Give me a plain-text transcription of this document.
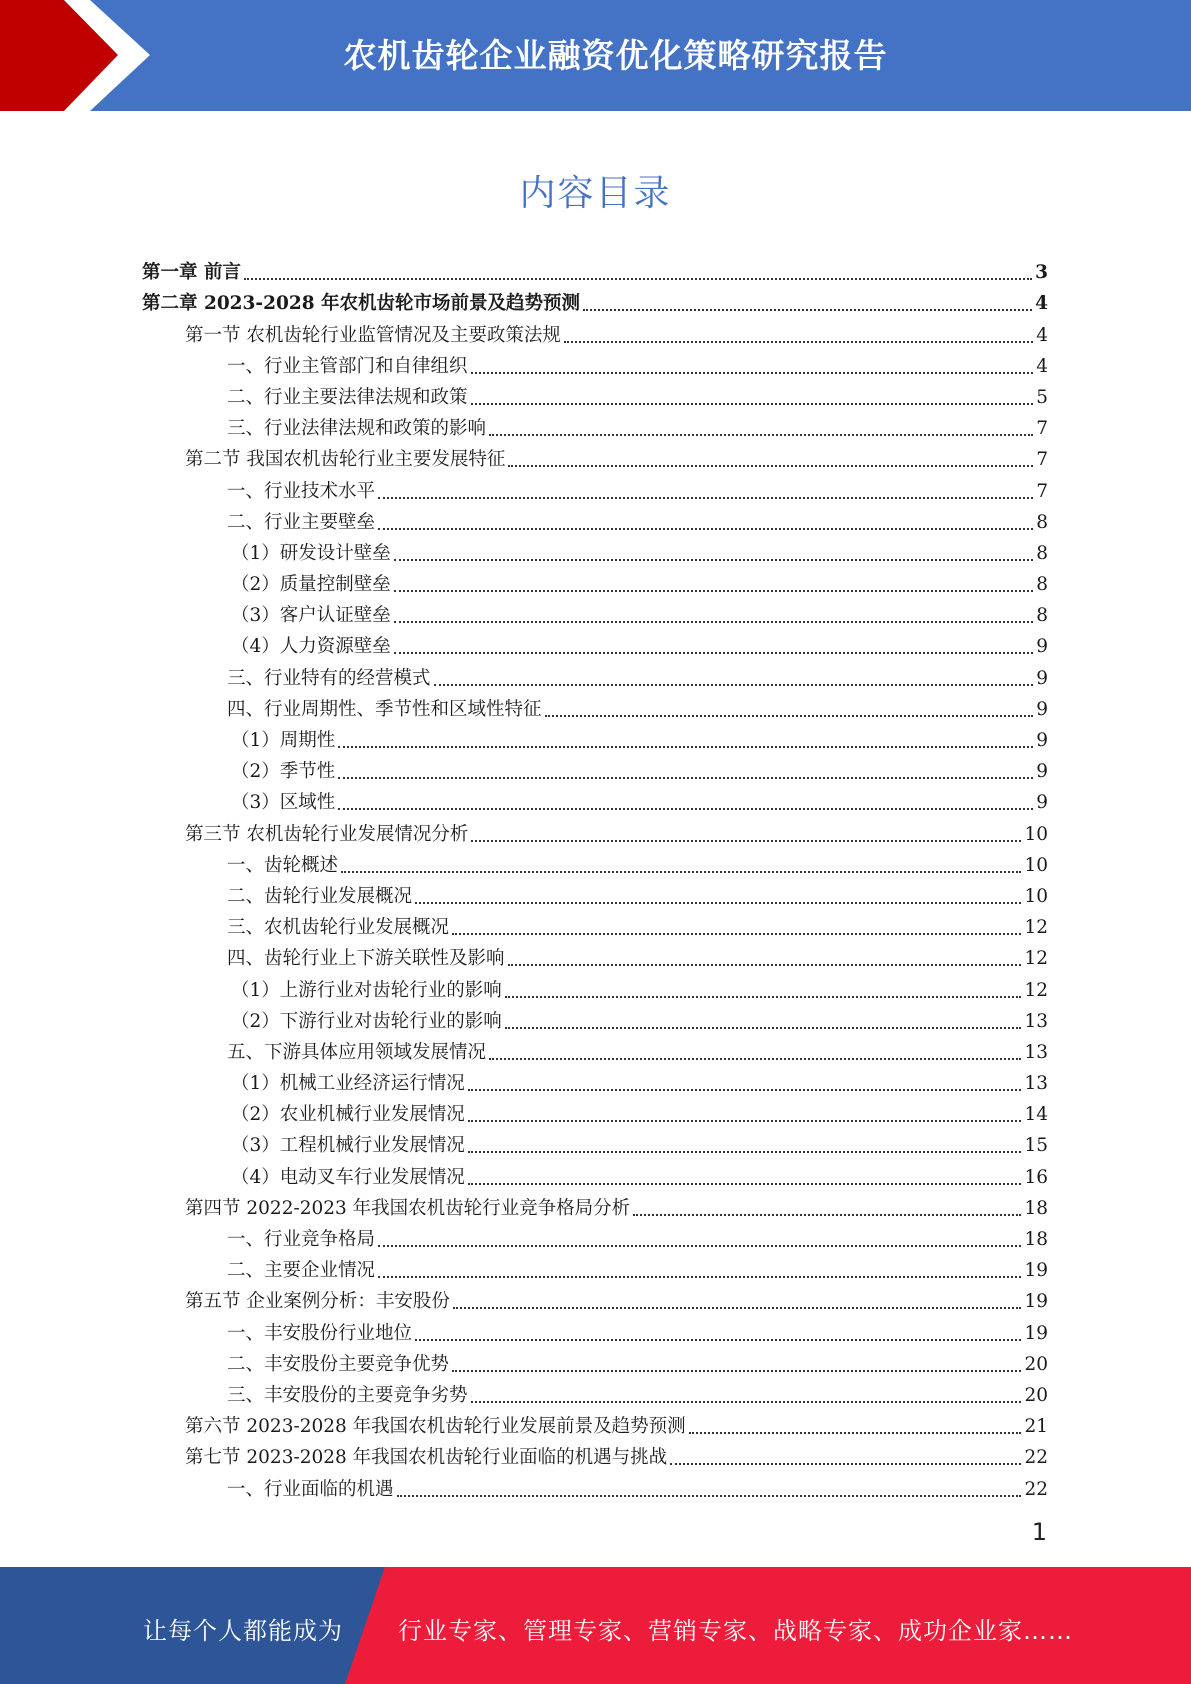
农机齿轮企业融资优化策略研究报告
内容目录
第一章 前言	3
第二章 2023-2028 年农机齿轮市场前景及趋势预测	4
第一节 农机齿轮行业监管情况及主要政策法规	4
一、行业主管部门和自律组织	4
二、行业主要法律法规和政策	5
三、行业法律法规和政策的影响	7
第二节 我国农机齿轮行业主要发展特征	7
一、行业技术水平	7
二、行业主要壁垒	8
（1）研发设计壁垒	8
（2）质量控制壁垒	8
（3）客户认证壁垒	8
（4）人力资源壁垒	9
三、行业特有的经营模式	9
四、行业周期性、季节性和区域性特征	9
（1）周期性	9
（2）季节性	9
（3）区域性	9
第三节 农机齿轮行业发展情况分析	10
一、齿轮概述	10
二、齿轮行业发展概况	10
三、农机齿轮行业发展概况	12
四、齿轮行业上下游关联性及影响	12
（1）上游行业对齿轮行业的影响	12
（2）下游行业对齿轮行业的影响	13
五、下游具体应用领域发展情况	13
（1）机械工业经济运行情况	13
（2）农业机械行业发展情况	14
（3）工程机械行业发展情况	15
（4）电动叉车行业发展情况	16
第四节 2022-2023 年我国农机齿轮行业竞争格局分析	18
一、行业竞争格局	18
二、主要企业情况	19
第五节 企业案例分析：丰安股份	19
一、丰安股份行业地位	19
二、丰安股份主要竞争优势	20
三、丰安股份的主要竞争劣势	20
第六节 2023-2028 年我国农机齿轮行业发展前景及趋势预测	21
第七节 2023-2028 年我国农机齿轮行业面临的机遇与挑战	22
一、行业面临的机遇	22
1
让每个人都能成为 行业专家、管理专家、营销专家、战略专家、成功企业家……
